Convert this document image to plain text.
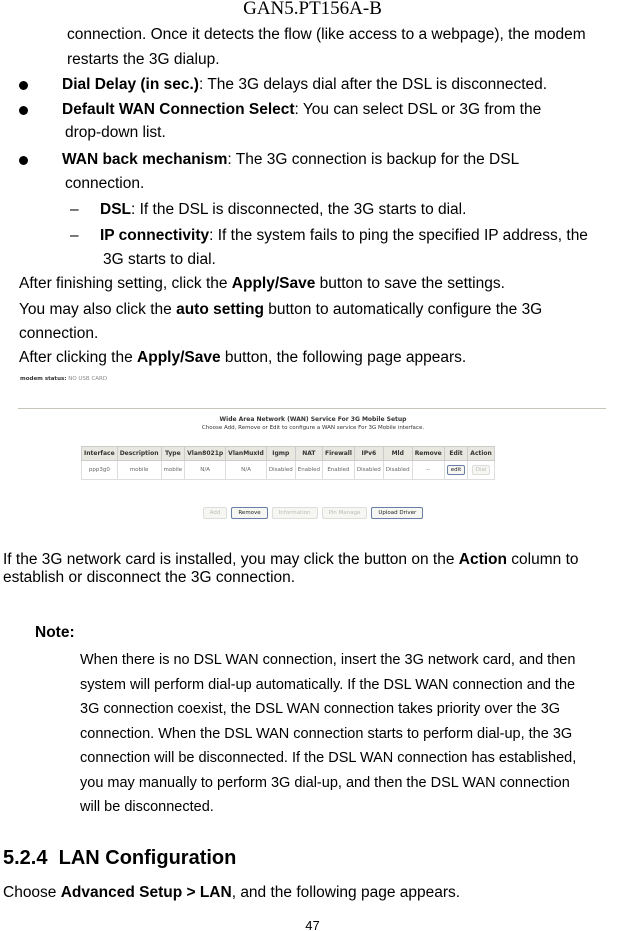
GAN5.PT156A-B
connection. Once it detects the flow (like access to a webpage), the modem
restarts the 3G dialup.
Dial Delay (in sec.): The 3G delays dial after the DSL is disconnected.
Default WAN Connection Select: You can select DSL or 3G from the
drop-down list.
WAN back mechanism: The 3G connection is backup for the DSL
connection.
– DSL: If the DSL is disconnected, the 3G starts to dial.
– IP connectivity: If the system fails to ping the specified IP address, the
3G starts to dial.
After finishing setting, click the Apply/Save button to save the settings.
You may also click the auto setting button to automatically configure the 3G
connection.
After clicking the Apply/Save button, the following page appears.
modem status: NO USB CARD
Wide Area Network (WAN) Service For 3G Mobile Setup
Choose Add, Remove or Edit to configure a WAN service For 3G Mobile interface.
Interface	Description	Type	Vlan8021p	VlanMuxId	Igmp	NAT	Firewall	IPv6	Mld	Remove	Edit	Action
ppp3g0	mobile	mobile	N/A	N/A	Disabled	Enabled	Enabled	Disabled	Disabled	--	edit	Dial
Add	Remove	Information	Pin Manage	Upload Driver
If the 3G network card is installed, you may click the button on the Action column to
establish or disconnect the 3G connection.
Note:
When there is no DSL WAN connection, insert the 3G network card, and then
system will perform dial-up automatically. If the DSL WAN connection and the
3G connection coexist, the DSL WAN connection takes priority over the 3G
connection. When the DSL WAN connection starts to perform dial-up, the 3G
connection will be disconnected. If the DSL WAN connection has established,
you may manually to perform 3G dial-up, and then the DSL WAN connection
will be disconnected.
5.2.4 LAN Configuration
Choose Advanced Setup > LAN, and the following page appears.
47
